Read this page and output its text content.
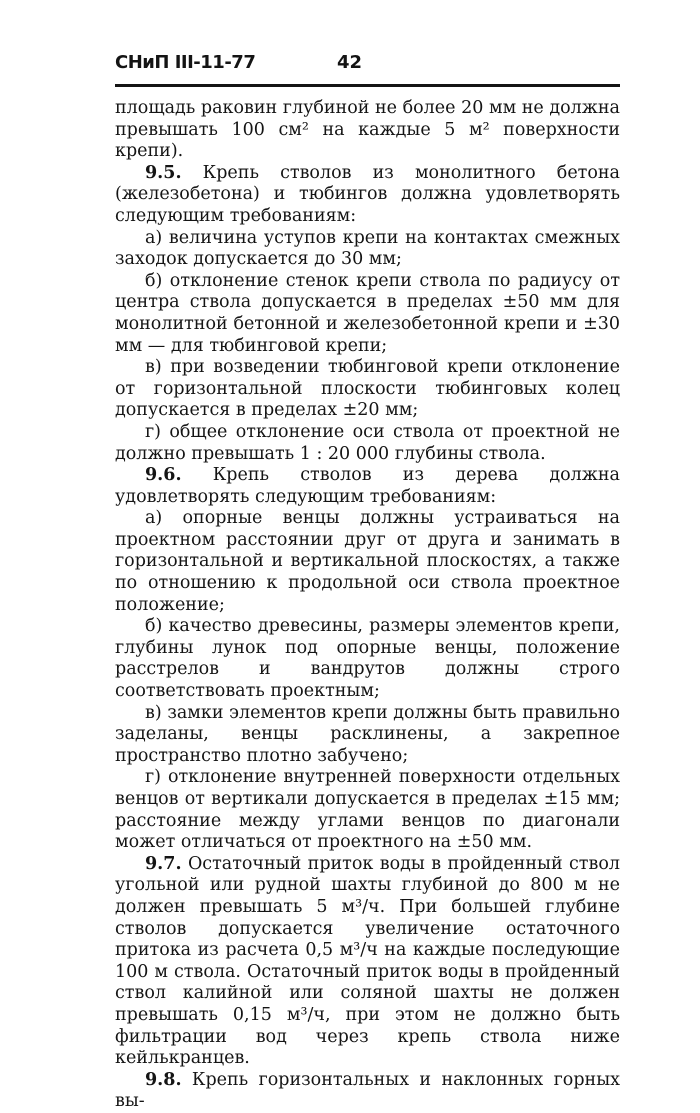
СНиП III-11-77	42

площадь раковин глубиной не более 20 мм не должна превышать 100 см² на каждые 5 м² поверхности крепи).

9.5. Крепь стволов из монолитного бетона (железобетона) и тюбингов должна удовлетворять следующим требованиям:

а) величина уступов крепи на контактах смежных заходок допускается до 30 мм;

б) отклонение стенок крепи ствола по радиусу от центра ствола допускается в пределах ±50 мм для монолитной бетонной и железобетонной крепи и ±30 мм — для тюбинговой крепи;

в) при возведении тюбинговой крепи отклонение от горизонтальной плоскости тюбинговых колец допускается в пределах ±20 мм;

г) общее отклонение оси ствола от проектной не должно превышать 1 : 20 000 глубины ствола.

9.6. Крепь стволов из дерева должна удовлетворять следующим требованиям:

а) опорные венцы должны устраиваться на проектном расстоянии друг от друга и занимать в горизонтальной и вертикальной плоскостях, а также по отношению к продольной оси ствола проектное положение;

б) качество древесины, размеры элементов крепи, глубины лунок под опорные венцы, положение расстрелов и вандрутов должны строго соответствовать проектным;

в) замки элементов крепи должны быть правильно заделаны, венцы расклинены, а закрепное пространство плотно забучено;

г) отклонение внутренней поверхности отдельных венцов от вертикали допускается в пределах ±15 мм; расстояние между углами венцов по диагонали может отличаться от проектного на ±50 мм.

9.7. Остаточный приток воды в пройденный ствол угольной или рудной шахты глубиной до 800 м не должен превышать 5 м³/ч. При большей глубине стволов допускается увеличение остаточного притока из расчета 0,5 м³/ч на каждые последующие 100 м ствола. Остаточный приток воды в пройденный ствол калийной или соляной шахты не должен превышать 0,15 м³/ч, при этом не должно быть фильтрации вод через крепь ствола ниже кейлькранцев.

9.8. Крепь горизонтальных и наклонных горных вы-
